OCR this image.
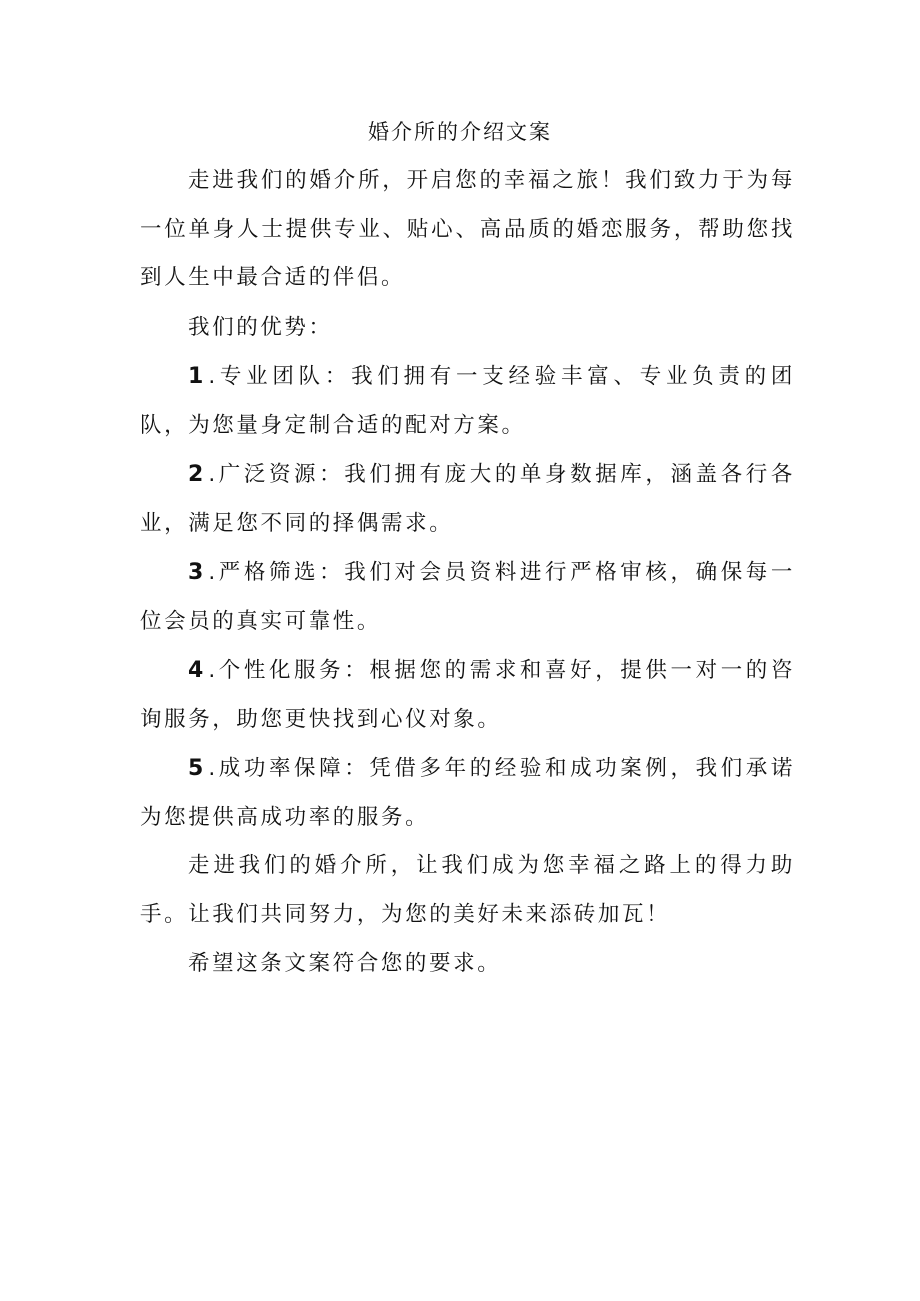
婚介所的介绍文案

走进我们的婚介所，开启您的幸福之旅！我们致力于为每一位单身人士提供专业、贴心、高品质的婚恋服务，帮助您找到人生中最合适的伴侣。

我们的优势：

1 .专业团队：我们拥有一支经验丰富、专业负责的团队，为您量身定制合适的配对方案。

2 .广泛资源：我们拥有庞大的单身数据库，涵盖各行各业，满足您不同的择偶需求。

3 .严格筛选：我们对会员资料进行严格审核，确保每一位会员的真实可靠性。

4 .个性化服务：根据您的需求和喜好，提供一对一的咨询服务，助您更快找到心仪对象。

5 .成功率保障：凭借多年的经验和成功案例，我们承诺为您提供高成功率的服务。

走进我们的婚介所，让我们成为您幸福之路上的得力助手。让我们共同努力，为您的美好未来添砖加瓦！

希望这条文案符合您的要求。
